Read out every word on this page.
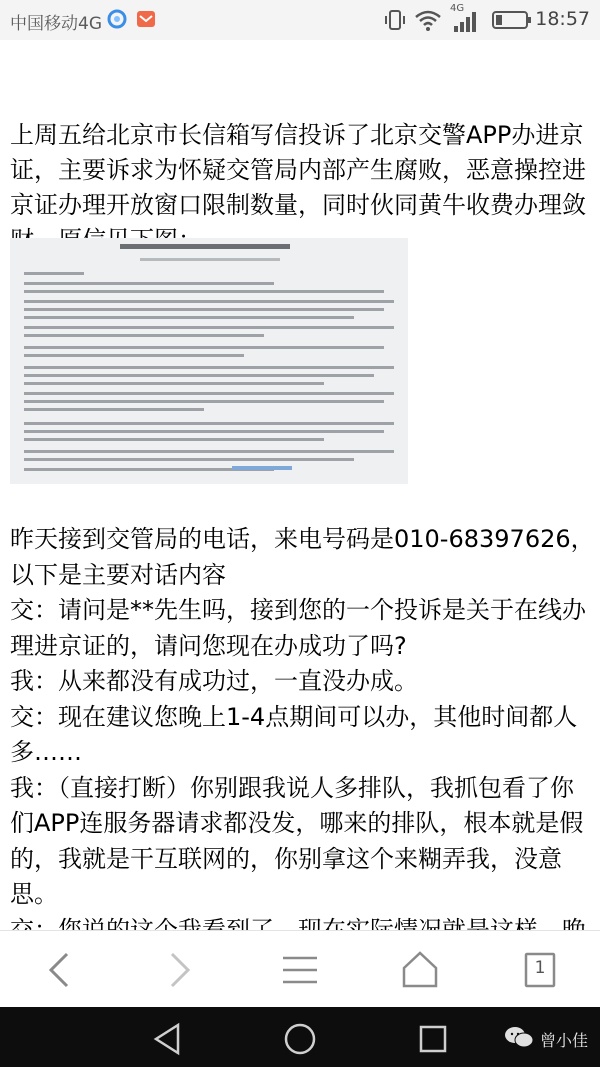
中国移动4G
4G	18:57

上周五给北京市长信箱写信投诉了北京交警APP办进京证，主要诉求为怀疑交管局内部产生腐败，恶意操控进京证办理开放窗口限制数量，同时伙同黄牛收费办理敛

昨天接到交管局的电话，来电号码是010-68397626，以下是主要对话内容

交：请问是**先生吗，接到您的一个投诉是关于在线办理进京证的，请问您现在办成功了吗?

我：从来都没有成功过，一直没办成。

交：现在建议您晚上1-4点期间可以办，其他时间都人多……

我：（直接打断）你别跟我说人多排队，我抓包看了你们APP连服务器请求都没发，哪来的排队，根本就是假的，我就是干互联网的，你别拿这个来糊弄我，没意思。

1
曾小佳
